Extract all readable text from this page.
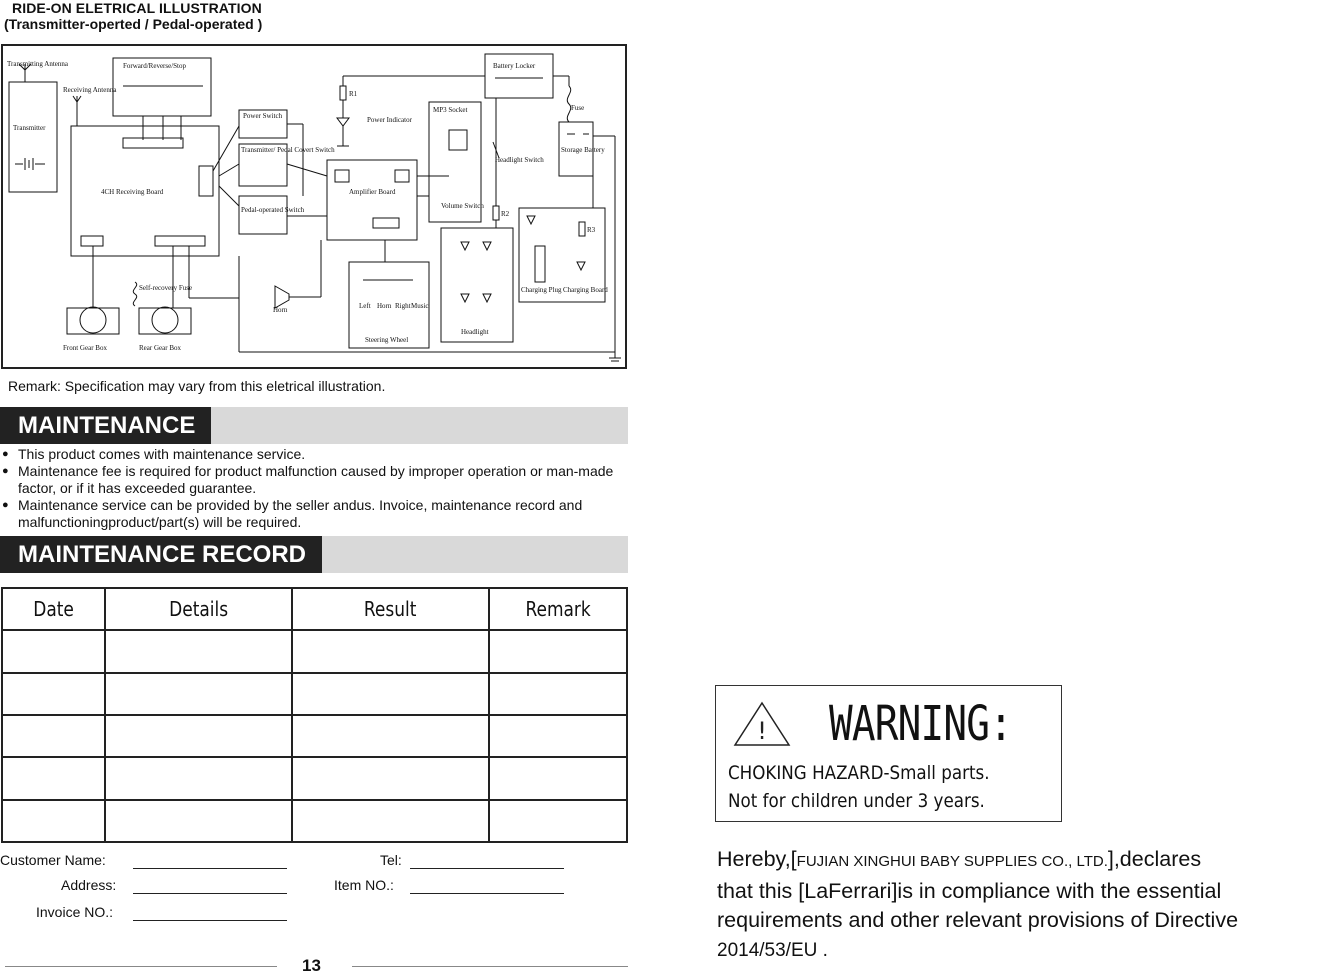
RIDE-ON ELETRICAL ILLUSTRATION
(Transmitter-operted / Pedal-operated )
Transmitting Antenna
Receiving Antenna
Transmitter
Forward/Reverse/Stop
4CH Receiving Board
Power Switch
Transmitter/ Pedal Covert Switch
Pedal-operated Switch
R1
Power Indicator
MP3 Socket
Amplifier Board
Volume Switch
Battery Locker
Fuse
Storage Battery
Headlight Switch
R2
R3
Charging Plug Charging Board
Headlight
Horn
Steering Wheel
Left Horn Right Music
Self-recovery Fuse
Front Gear Box	Rear Gear Box
Remark: Specification may vary from this eletrical illustration.
MAINTENANCE
● This product comes with maintenance service.
● Maintenance fee is required for product malfunction caused by improper operation or man-made factor, or if it has exceeded guarantee.
● Maintenance service can be provided by the seller andus. Invoice, maintenance record and malfunctioningproduct/part(s) will be required.
MAINTENANCE RECORD
Date	Details	Result	Remark

Customer Name:	Tel:
Address:	Item NO.:
Invoice NO.:
13
! WARNING:
CHOKING HAZARD-Small parts.
Not for children under 3 years.
Hereby,[FUJIAN XINGHUI BABY SUPPLIES CO., LTD.],declares
that this [LaFerrari]is in compliance with the essential
requirements and other relevant provisions of Directive
2014/53/EU .
